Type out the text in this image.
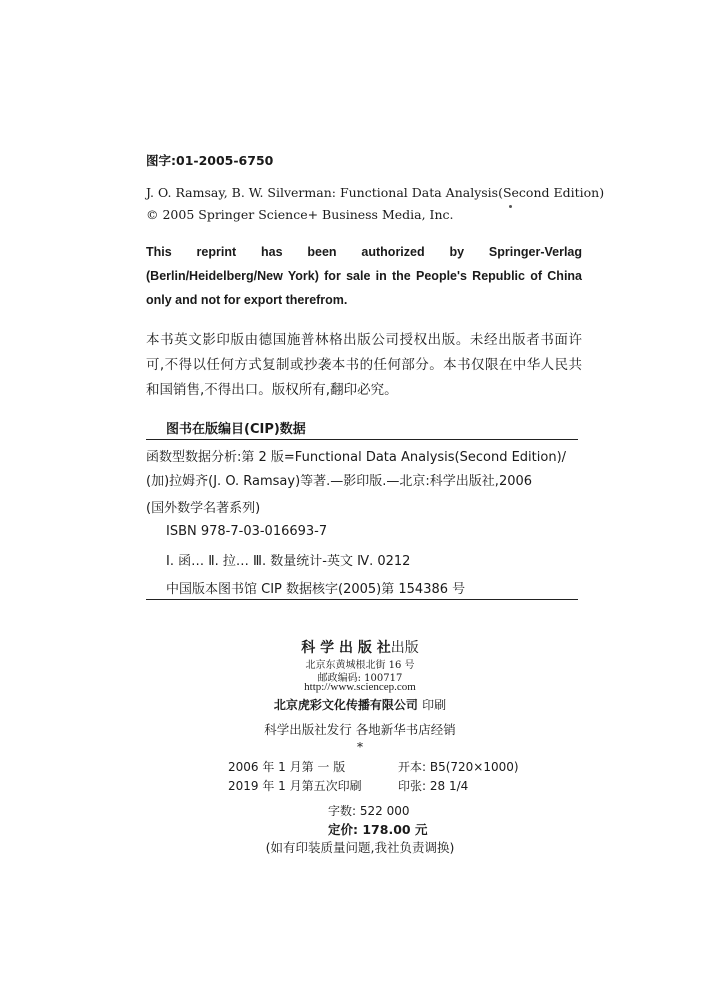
图字:01-2005-6750
J. O. Ramsay, B. W. Silverman: Functional Data Analysis(Second Edition)
© 2005 Springer Science+ Business Media, Inc.
This reprint has been authorized by Springer-Verlag (Berlin/Heidelberg/New York) for sale in the People's Republic of China only and not for export therefrom.
本书英文影印版由德国施普林格出版公司授权出版。未经出版者书面许可,不得以任何方式复制或抄袭本书的任何部分。本书仅限在中华人民共和国销售,不得出口。版权所有,翻印必究。
图书在版编目(CIP)数据
函数型数据分析:第 2 版=Functional Data Analysis(Second Edition)/
(加)拉姆齐(J. O. Ramsay)等著.—影印版.—北京:科学出版社,2006
(国外数学名著系列)
ISBN 978-7-03-016693-7
Ⅰ. 函… Ⅱ. 拉… Ⅲ. 数量统计-英文 Ⅳ. 0212
中国版本图书馆 CIP 数据核字(2005)第 154386 号
科 学 出 版 社出版
北京东黄城根北街 16 号
邮政编码: 100717
http://www.sciencep.com
北京虎彩文化传播有限公司 印刷
科学出版社发行 各地新华书店经销
*
2006 年 1 月第 一 版	开本: B5(720×1000)
2019 年 1 月第五次印刷	印张: 28 1/4
字数: 522 000
定价: 178.00 元
(如有印装质量问题,我社负责调换)
